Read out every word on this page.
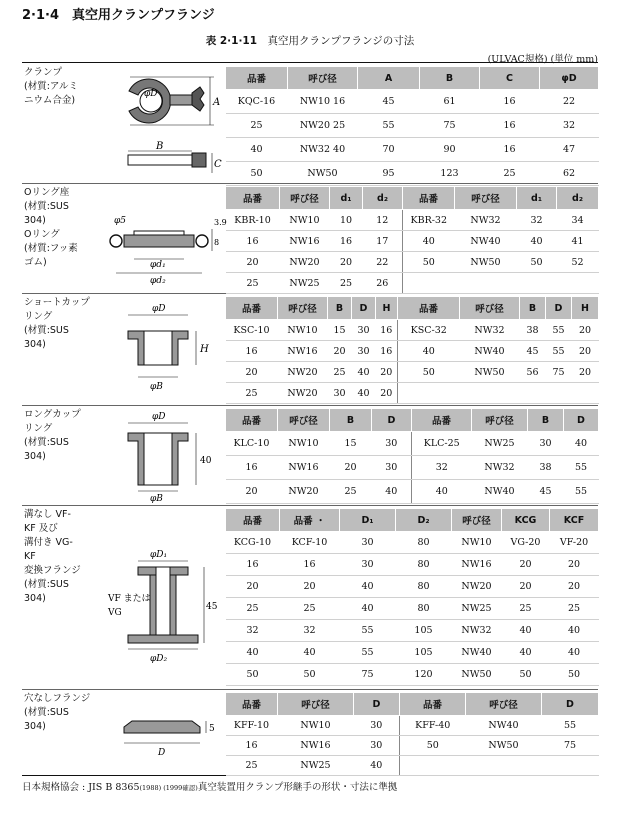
2·1·4　真空用クランプフランジ
表 2·1·11　 真空用クランプフランジの寸法
(ULVAC規格) (単位 mm)
クランプ
(材質:アルミ
ニウム合金)	A
φD
B
C
品番	呼び径	A	B	C	φD
KQC-16	NW10 16	45	61	16	22
25	NW20 25	55	75	16	32
40	NW32 40	70	90	16	47
50	NW50	95	123	25	62
Oリング座
(材質:SUS
304)
Oリング
(材質:フッ素
ゴム)
φ5	3.9
8
φd₁
φd₂
品番	呼び径	d₁	d₂	品番	呼び径	d₁	d₂
KBR-10	NW10	10	12	KBR-32	NW32	32	34
16	NW16	16	17	40	NW40	40	41
20	NW20	20	22	50	NW50	50	52
25	NW25	25	26				
ショートカップ
リング
(材質:SUS
304)
φD
H
φB
品番	呼び径	B	D	H	品番	呼び径	B	D	H
KSC-10	NW10	15	30	16	KSC-32	NW32	38	55	20
16	NW16	20	30	16	40	NW40	45	55	20
20	NW20	25	40	20	50	NW50	56	75	20
25	NW20	30	40	20					
ロングカップ
リング
(材質:SUS
304)
φD
40
φB
品番	呼び径	B	D	品番	呼び径	B	D
KLC-10	NW10	15	30	KLC-25	NW25	30	40
16	NW16	20	30	32	NW32	38	55
20	NW20	25	40	40	NW40	45	55
溝なし VF-
KF 及び
溝付き VG-
KF
変換フランジ
(材質:SUS
304)
φD₁
45
VF または
VG
φD₂
品番	品番 ・	D₁	D₂	呼び径	KCG	KCF
KCG-10	KCF-10	30	80	NW10	VG-20	VF-20
16	16	30	80	NW16	20	20
20	20	40	80	NW20	20	20
25	25	40	80	NW25	25	25
32	32	55	105	NW32	40	40
40	40	55	105	NW40	40	40
50	50	75	120	NW50	50	50
穴なしフランジ
(材質:SUS
304)	5
D
品番	呼び径	D	品番	呼び径	D
KFF-10	NW10	30	KFF-40	NW40	55
16	NW16	30	50	NW50	75
25	NW25	40			
日本規格協会 : JIS B 8365(1988) (1999確認)真空装置用クランプ形継手の形状・寸法に準拠
